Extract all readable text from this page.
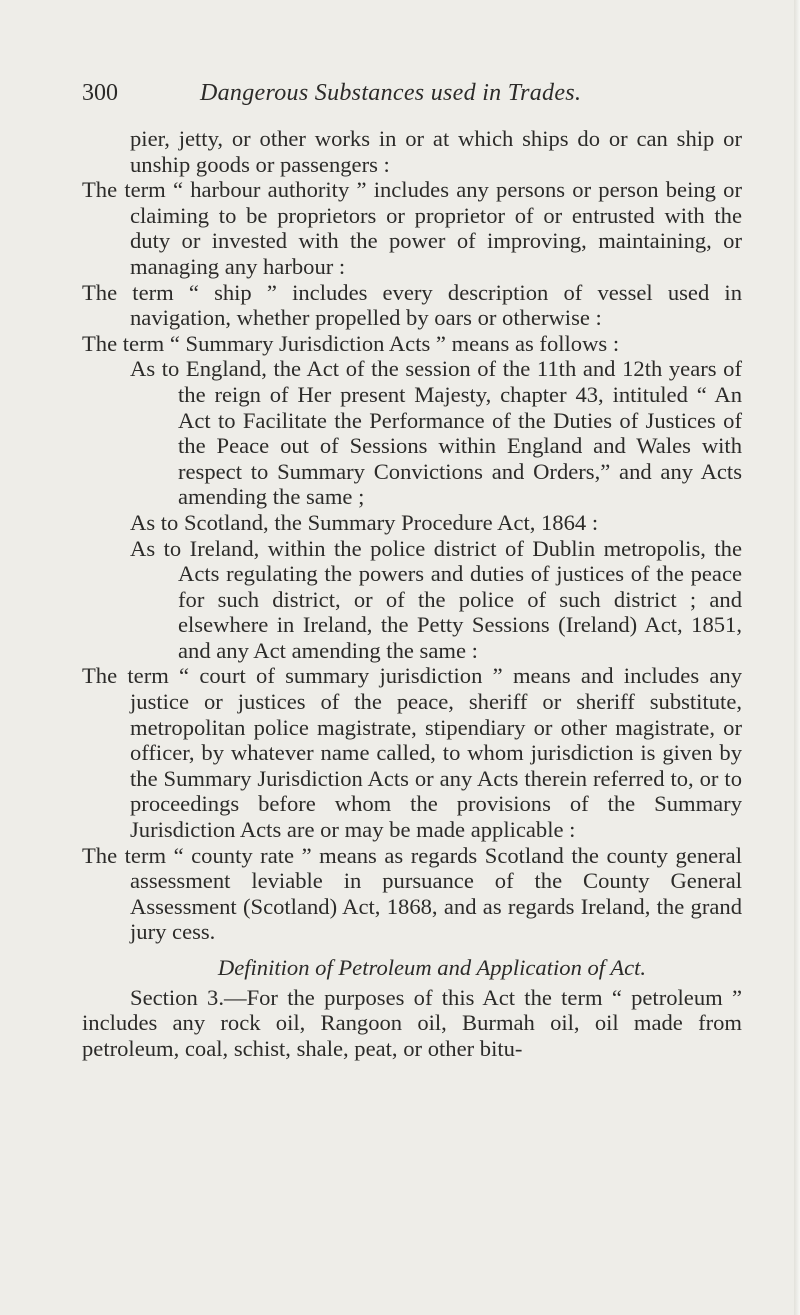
300	Dangerous Substances used in Trades.

pier, jetty, or other works in or at which ships do or can ship or unship goods or passengers :

The term “ harbour authority ” includes any persons or person being or claiming to be proprietors or proprietor of or entrusted with the duty or invested with the power of improving, maintaining, or managing any harbour :

The term “ ship ” includes every description of vessel used in navigation, whether propelled by oars or otherwise :

The term “ Summary Jurisdiction Acts ” means as follows :

As to England, the Act of the session of the 11th and 12th years of the reign of Her present Majesty, chapter 43, intituled “ An Act to Facilitate the Performance of the Duties of Justices of the Peace out of Sessions within England and Wales with respect to Summary Convictions and Orders,” and any Acts amending the same ;

As to Scotland, the Summary Procedure Act, 1864 :

As to Ireland, within the police district of Dublin metropolis, the Acts regulating the powers and duties of justices of the peace for such district, or of the police of such district ; and elsewhere in Ireland, the Petty Sessions (Ireland) Act, 1851, and any Act amending the same :

The term “ court of summary jurisdiction ” means and includes any justice or justices of the peace, sheriff or sheriff substitute, metropolitan police magistrate, stipendiary or other magistrate, or officer, by whatever name called, to whom jurisdiction is given by the Summary Jurisdiction Acts or any Acts therein referred to, or to proceedings before whom the provisions of the Summary Jurisdiction Acts are or may be made applicable :

The term “ county rate ” means as regards Scotland the county general assessment leviable in pursuance of the County General Assessment (Scotland) Act, 1868, and as regards Ireland, the grand jury cess.

Definition of Petroleum and Application of Act.

Section 3.—For the purposes of this Act the term “ petroleum ” includes any rock oil, Rangoon oil, Burmah oil, oil made from petroleum, coal, schist, shale, peat, or other bitu-
